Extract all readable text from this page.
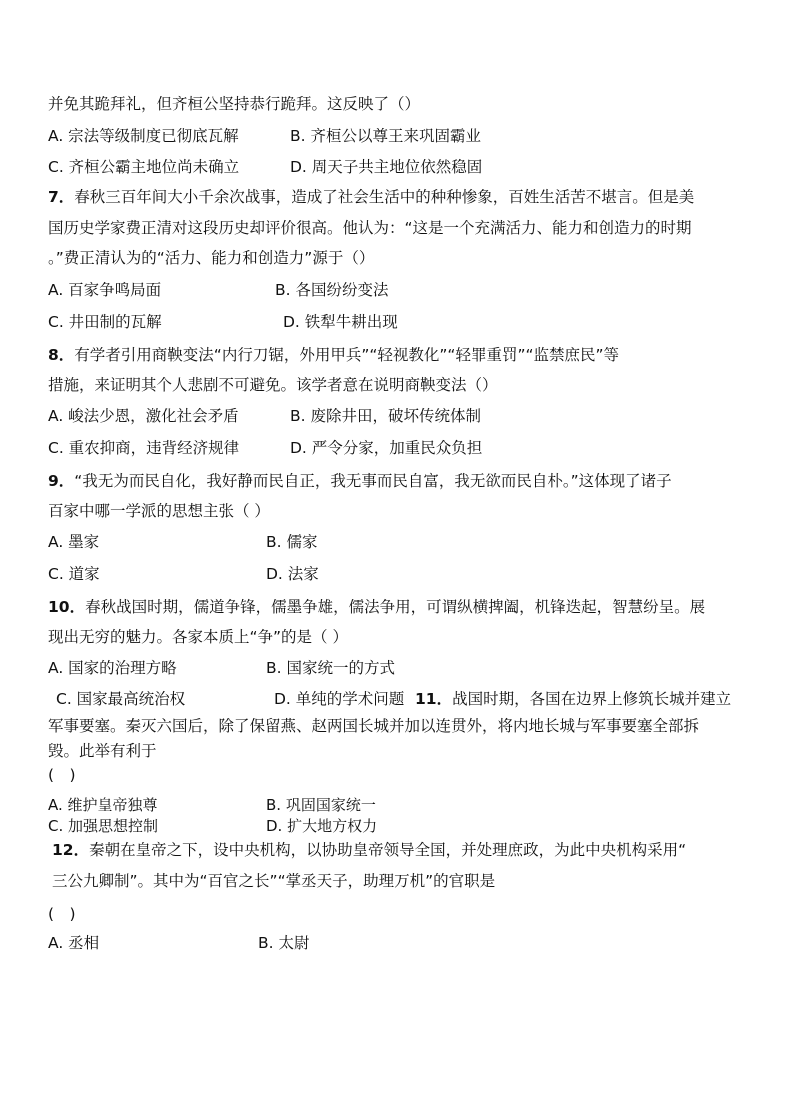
并免其跪拜礼，但齐桓公坚持恭行跪拜。这反映了（）
A. 宗法等级制度已彻底瓦解	B. 齐桓公以尊王来巩固霸业
C. 齐桓公霸主地位尚未确立	D. 周天子共主地位依然稳固
7．春秋三百年间大小千余次战事，造成了社会生活中的种种惨象，百姓生活苦不堪言。但是美
国历史学家费正清对这段历史却评价很高。他认为：“这是一个充满活力、能力和创造力的时期
。”费正清认为的“活力、能力和创造力”源于（）
A. 百家争鸣局面	B. 各国纷纷变法
C. 井田制的瓦解	D. 铁犁牛耕出现
8．有学者引用商鞅变法“内行刀锯，外用甲兵”“轻视教化”“轻罪重罚”“监禁庶民”等
措施，来证明其个人悲剧不可避免。该学者意在说明商鞅变法（）
A. 峻法少恩，激化社会矛盾	B. 废除井田，破坏传统体制
C. 重农抑商，违背经济规律	D. 严令分家，加重民众负担
9．“我无为而民自化，我好静而民自正，我无事而民自富，我无欲而民自朴。”这体现了诸子
百家中哪一学派的思想主张（ ）
A. 墨家	B. 儒家
C. 道家	D. 法家
10．春秋战国时期，儒道争锋，儒墨争雄，儒法争用，可谓纵横捭阖，机锋迭起，智慧纷呈。展
现出无穷的魅力。各家本质上“争”的是（ ）
A. 国家的治理方略	B. 国家统一的方式
C. 国家最高统治权	D. 单纯的学术问题 11．战国时期，各国在边界上修筑长城并建立
军事要塞。秦灭六国后，除了保留燕、赵两国长城并加以连贯外，将内地长城与军事要塞全部拆
毁。此举有利于
(　)
A. 维护皇帝独尊	B. 巩固国家统一
C. 加强思想控制	D. 扩大地方权力
12．秦朝在皇帝之下，设中央机构，以协助皇帝领导全国，并处理庶政，为此中央机构采用“
三公九卿制”。其中为“百官之长”“掌丞天子，助理万机”的官职是
(　)
A. 丞相	B. 太尉
